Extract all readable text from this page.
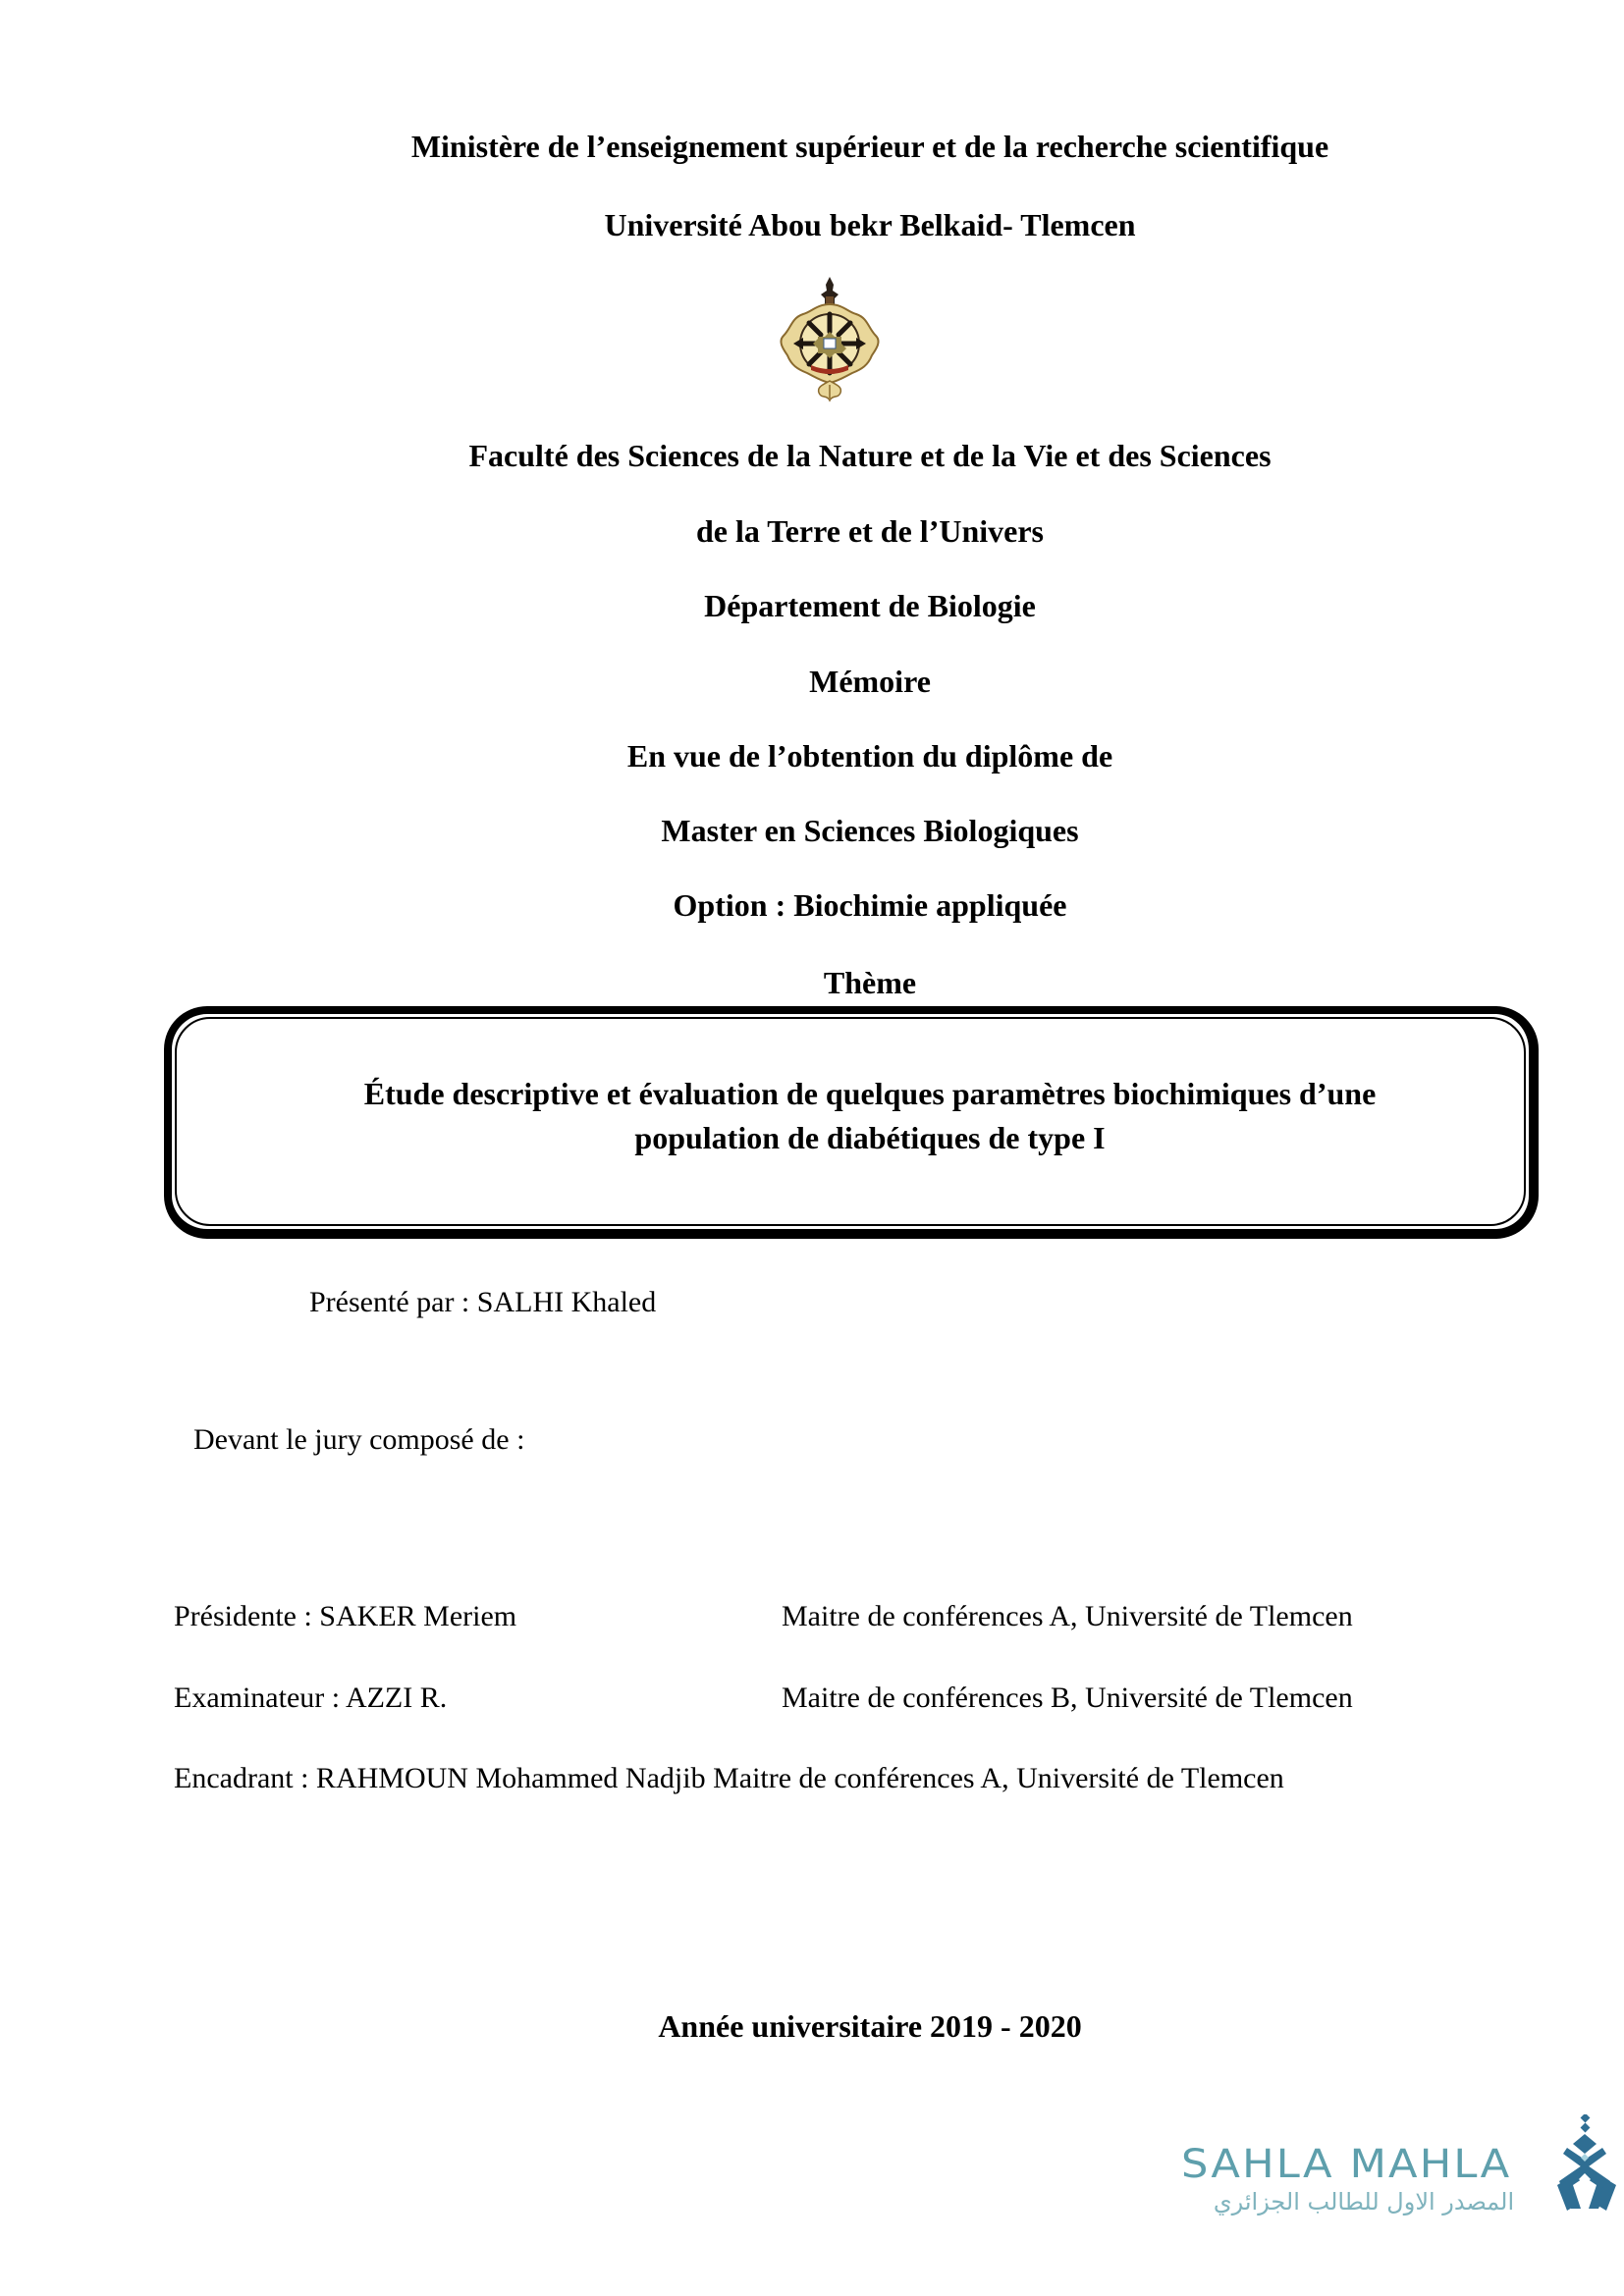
Ministère de l’enseignement supérieur et de la recherche scientifique
Université Abou bekr Belkaid- Tlemcen
Faculté des Sciences de la Nature et de la Vie et des Sciences
de la Terre et de l’Univers
Département de Biologie
Mémoire
En vue de l’obtention du diplôme de
Master en Sciences Biologiques
Option : Biochimie appliquée
Thème
Étude descriptive et évaluation de quelques paramètres biochimiques d’une
population de diabétiques de type I
Présenté par : SALHI Khaled
Devant le jury composé de :
Présidente : SAKER Meriem	Maitre de conférences A, Université de Tlemcen
Examinateur : AZZI R.	Maitre de conférences B, Université de Tlemcen
Encadrant : RAHMOUN Mohammed Nadjib Maitre de conférences A, Université de Tlemcen
Année universitaire 2019 - 2020
SAHLA MAHLA
المصدر الاول للطالب الجزائري
